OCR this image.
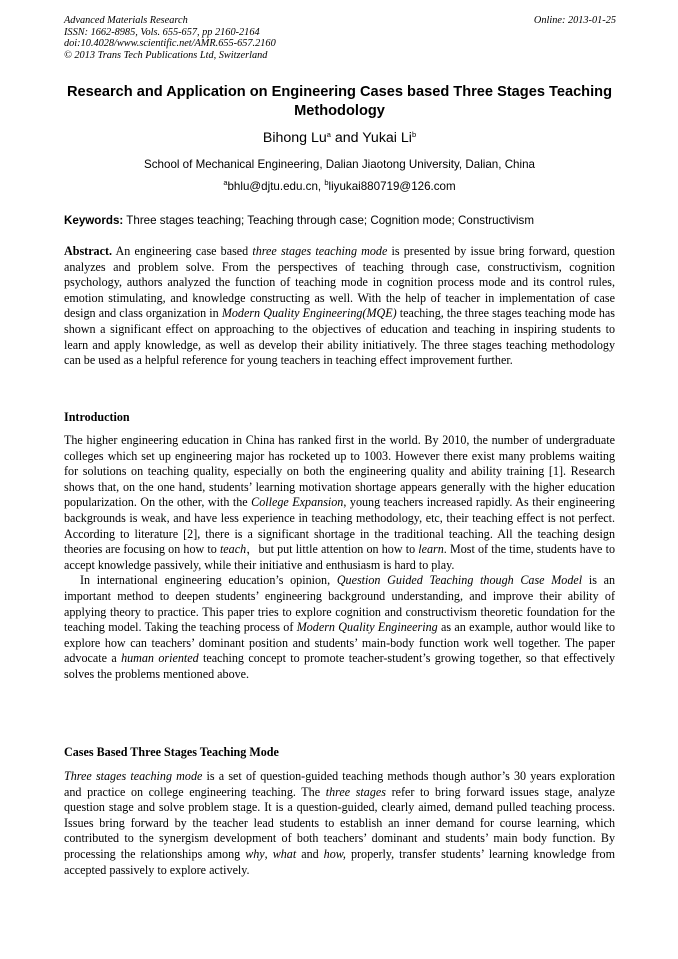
Advanced Materials Research
ISSN: 1662-8985, Vols. 655-657, pp 2160-2164
doi:10.4028/www.scientific.net/AMR.655-657.2160
© 2013 Trans Tech Publications Ltd, Switzerland
Online: 2013-01-25
Research and Application on Engineering Cases based Three Stages Teaching Methodology
Bihong Lu$^a$ and Yukai Li$^b$
School of Mechanical Engineering, Dalian Jiaotong University, Dalian, China
$^a$bhlu@djtu.edu.cn, $^b$liyukai880719@126.com
Keywords: Three stages teaching; Teaching through case; Cognition mode; Constructivism

Abstract. An engineering case based three stages teaching mode is presented by issue bring forward, question analyzes and problem solve. From the perspectives of teaching through case, constructivism, cognition psychology, authors analyzed the function of teaching mode in cognition process mode and its control rules, emotion stimulating, and knowledge constructing as well. With the help of teacher in implementation of case design and class organization in Modern Quality Engineering(MQE) teaching, the three stages teaching mode has shown a significant effect on approaching to the objectives of education and teaching in inspiring students to learn and apply knowledge, as well as develop their ability initiatively. The three stages teaching methodology can be used as a helpful reference for young teachers in teaching effect improvement further.

Introduction

The higher engineering education in China has ranked first in the world. By 2010, the number of undergraduate colleges which set up engineering major has rocketed up to 1003. However there exist many problems waiting for solutions on teaching quality, especially on both the engineering quality and ability training [1]. Research shows that, on the one hand, students’ learning motivation shortage appears generally with the higher education popularization. On the other, with the College Expansion, young teachers increased rapidly. As their engineering backgrounds is weak, and have less experience in teaching methodology, etc, their teaching effect is not perfect. According to literature [2], there is a significant shortage in the traditional teaching. All the teaching design theories are focusing on how to teach，but put little attention on how to learn. Most of the time, students have to accept knowledge passively, while their initiative and enthusiasm is hard to play.

In international engineering education’s opinion, Question Guided Teaching though Case Model is an important method to deepen students’ engineering background understanding, and improve their ability of applying theory to practice. This paper tries to explore cognition and constructivism theoretic foundation for the teaching model. Taking the teaching process of Modern Quality Engineering as an example, author would like to explore how can teachers’ dominant position and students’ main-body function work well together. The paper advocate a human oriented teaching concept to promote teacher-student’s growing together, so that effectively solves the problems mentioned above.

Cases Based Three Stages Teaching Mode

Three stages teaching mode is a set of question-guided teaching methods though author’s 30 years exploration and practice on college engineering teaching. The three stages refer to bring forward issues stage, analyze question stage and solve problem stage. It is a question-guided, clearly aimed, demand pulled teaching process. Issues bring forward by the teacher lead students to establish an inner demand for course learning, which contributed to the synergism development of both teachers’ dominant and students’ main body function. By processing the relationships among why, what and how, properly, transfer students’ learning knowledge from accepted passively to explore actively.
